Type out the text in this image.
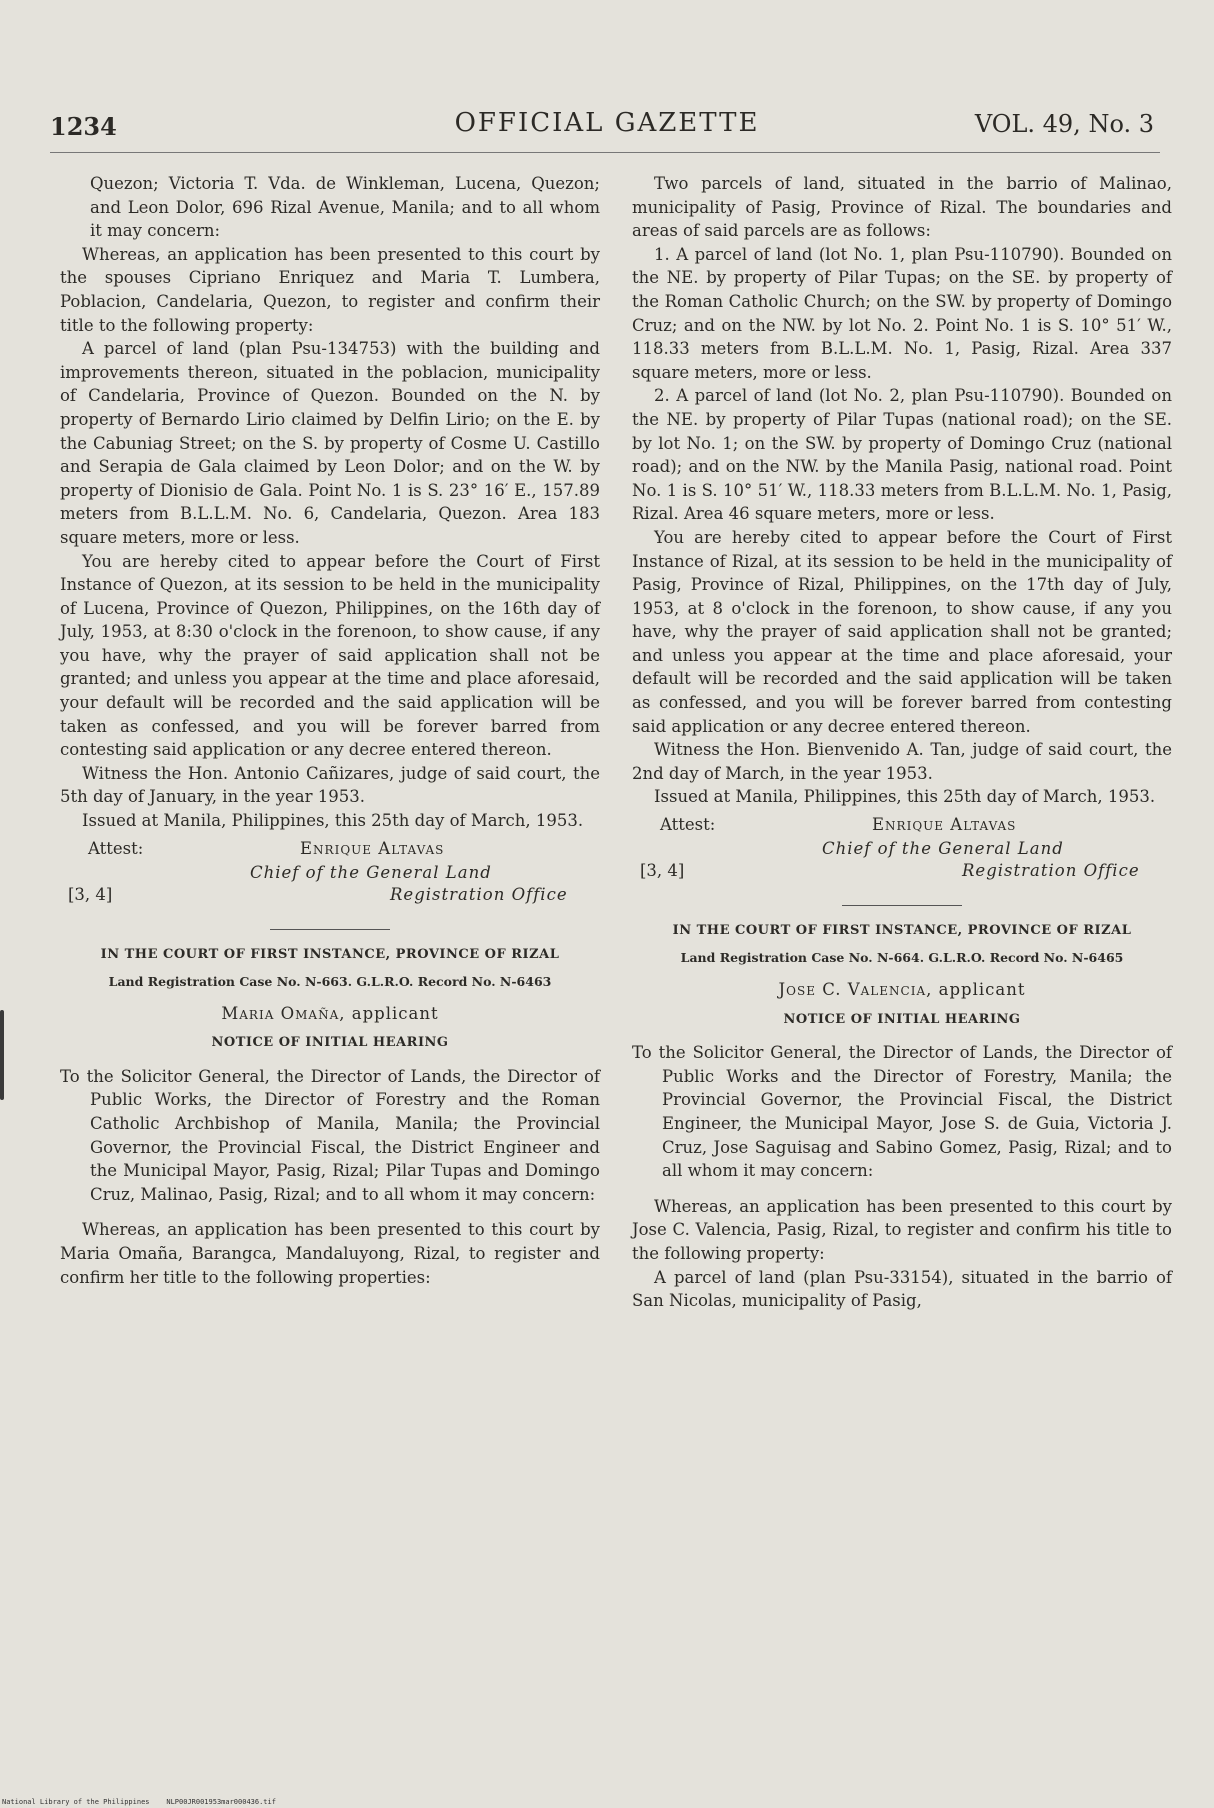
1234	OFFICIAL GAZETTE	VOL. 49, No. 3

Quezon; Victoria T. Vda. de Winkleman, Lucena, Quezon; and Leon Dolor, 696 Rizal Avenue, Manila; and to all whom it may concern:

Whereas, an application has been presented to this court by the spouses Cipriano Enriquez and Maria T. Lumbera, Poblacion, Candelaria, Quezon, to register and confirm their title to the following property:

A parcel of land (plan Psu-134753) with the building and improvements thereon, situated in the poblacion, municipality of Candelaria, Province of Quezon. Bounded on the N. by property of Bernardo Lirio claimed by Delfin Lirio; on the E. by the Cabuniag Street; on the S. by property of Cosme U. Castillo and Serapia de Gala claimed by Leon Dolor; and on the W. by property of Dionisio de Gala. Point No. 1 is S. 23° 16′ E., 157.89 meters from B.L.L.M. No. 6, Candelaria, Quezon. Area 183 square meters, more or less.

You are hereby cited to appear before the Court of First Instance of Quezon, at its session to be held in the municipality of Lucena, Province of Quezon, Philippines, on the 16th day of July, 1953, at 8:30 o'clock in the forenoon, to show cause, if any you have, why the prayer of said application shall not be granted; and unless you appear at the time and place aforesaid, your default will be recorded and the said application will be taken as confessed, and you will be forever barred from contesting said application or any decree entered thereon.

Witness the Hon. Antonio Cañizares, judge of said court, the 5th day of January, in the year 1953.

Issued at Manila, Philippines, this 25th day of March, 1953.

Attest:	Enrique Altavas
Chief of the General Land
[3, 4]	Registration Office

IN THE COURT OF FIRST INSTANCE, PROVINCE OF RIZAL

Land Registration Case No. N-663. G.L.R.O. Record No. N-6463

Maria Omaña, applicant

NOTICE OF INITIAL HEARING

To the Solicitor General, the Director of Lands, the Director of Public Works, the Director of Forestry and the Roman Catholic Archbishop of Manila, Manila; the Provincial Governor, the Provincial Fiscal, the District Engineer and the Municipal Mayor, Pasig, Rizal; Pilar Tupas and Domingo Cruz, Malinao, Pasig, Rizal; and to all whom it may concern:

Whereas, an application has been presented to this court by Maria Omaña, Barangca, Mandaluyong, Rizal, to register and confirm her title to the following properties:

Two parcels of land, situated in the barrio of Malinao, municipality of Pasig, Province of Rizal. The boundaries and areas of said parcels are as follows:

1. A parcel of land (lot No. 1, plan Psu-110790). Bounded on the NE. by property of Pilar Tupas; on the SE. by property of the Roman Catholic Church; on the SW. by property of Domingo Cruz; and on the NW. by lot No. 2. Point No. 1 is S. 10° 51′ W., 118.33 meters from B.L.L.M. No. 1, Pasig, Rizal. Area 337 square meters, more or less.

2. A parcel of land (lot No. 2, plan Psu-110790). Bounded on the NE. by property of Pilar Tupas (national road); on the SE. by lot No. 1; on the SW. by property of Domingo Cruz (national road); and on the NW. by the Manila Pasig, national road. Point No. 1 is S. 10° 51′ W., 118.33 meters from B.L.L.M. No. 1, Pasig, Rizal. Area 46 square meters, more or less.

You are hereby cited to appear before the Court of First Instance of Rizal, at its session to be held in the municipality of Pasig, Province of Rizal, Philippines, on the 17th day of July, 1953, at 8 o'clock in the forenoon, to show cause, if any you have, why the prayer of said application shall not be granted; and unless you appear at the time and place aforesaid, your default will be recorded and the said application will be taken as confessed, and you will be forever barred from contesting said application or any decree entered thereon.

Witness the Hon. Bienvenido A. Tan, judge of said court, the 2nd day of March, in the year 1953.

Issued at Manila, Philippines, this 25th day of March, 1953.

Attest:	Enrique Altavas
Chief of the General Land
[3, 4]	Registration Office

IN THE COURT OF FIRST INSTANCE, PROVINCE OF RIZAL

Land Registration Case No. N-664. G.L.R.O. Record No. N-6465

Jose C. Valencia, applicant

NOTICE OF INITIAL HEARING

To the Solicitor General, the Director of Lands, the Director of Public Works and the Director of Forestry, Manila; the Provincial Governor, the Provincial Fiscal, the District Engineer, the Municipal Mayor, Jose S. de Guia, Victoria J. Cruz, Jose Saguisag and Sabino Gomez, Pasig, Rizal; and to all whom it may concern:

Whereas, an application has been presented to this court by Jose C. Valencia, Pasig, Rizal, to register and confirm his title to the following property:

A parcel of land (plan Psu-33154), situated in the barrio of San Nicolas, municipality of Pasig,

National Library of the Philippines NLP00JR001953mar000436.tif
